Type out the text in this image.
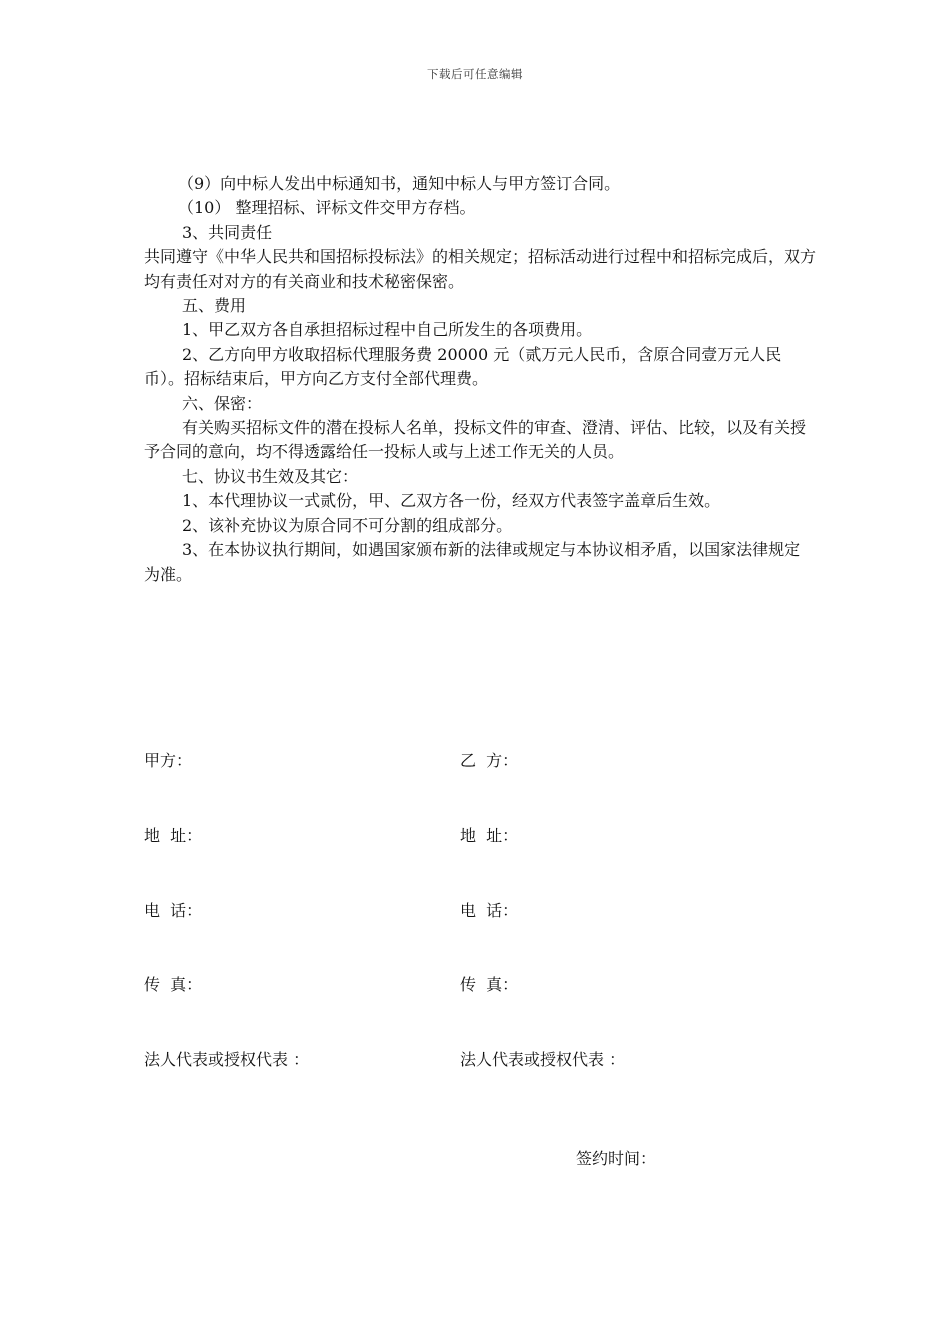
下载后可任意编辑

（9）向中标人发出中标通知书，通知中标人与甲方签订合同。

（10） 整理招标、评标文件交甲方存档。

3、共同责任

共同遵守《中华人民共和国招标投标法》的相关规定；招标活动进行过程中和招标完成后，双方均有责任对对方的有关商业和技术秘密保密。

五、费用

1、甲乙双方各自承担招标过程中自己所发生的各项费用。

2、乙方向甲方收取招标代理服务费 20000 元（贰万元人民币，含原合同壹万元人民币）。招标结束后，甲方向乙方支付全部代理费。

六、保密：

有关购买招标文件的潜在投标人名单，投标文件的审查、澄清、评估、比较，以及有关授予合同的意向，均不得透露给任一投标人或与上述工作无关的人员。

七、协议书生效及其它：

1、本代理协议一式贰份，甲、乙双方各一份，经双方代表签字盖章后生效。

2、该补充协议为原合同不可分割的组成部分。

3、在本协议执行期间，如遇国家颁布新的法律或规定与本协议相矛盾，以国家法律规定为准。

甲方：	乙  方：
地  址：	地  址：
电  话：	电  话：
传  真：	传  真：
法人代表或授权代表 ：	法人代表或授权代表 ：
签约时间：
